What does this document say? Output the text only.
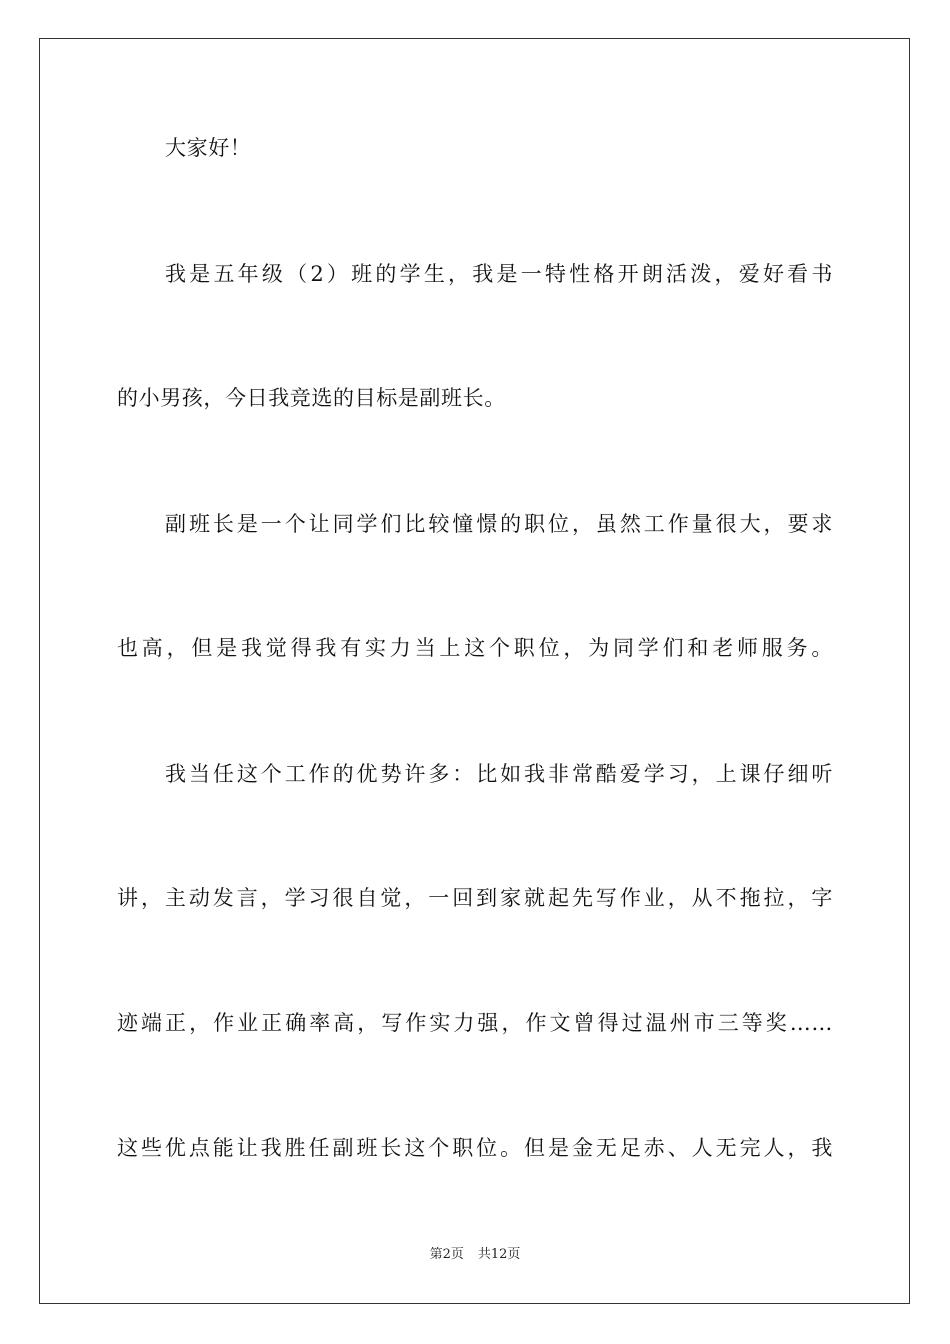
大家好！
我是五年级（2）班的学生，我是一特性格开朗活泼，爱好看书
的小男孩，今日我竞选的目标是副班长。
副班长是一个让同学们比较憧憬的职位，虽然工作量很大，要求
也高，但是我觉得我有实力当上这个职位，为同学们和老师服务。
我当任这个工作的优势许多：比如我非常酷爱学习，上课仔细听
讲，主动发言，学习很自觉，一回到家就起先写作业，从不拖拉，字
迹端正，作业正确率高，写作实力强，作文曾得过温州市三等奖……
这些优点能让我胜任副班长这个职位。但是金无足赤、人无完人，我
第2页 共12页
